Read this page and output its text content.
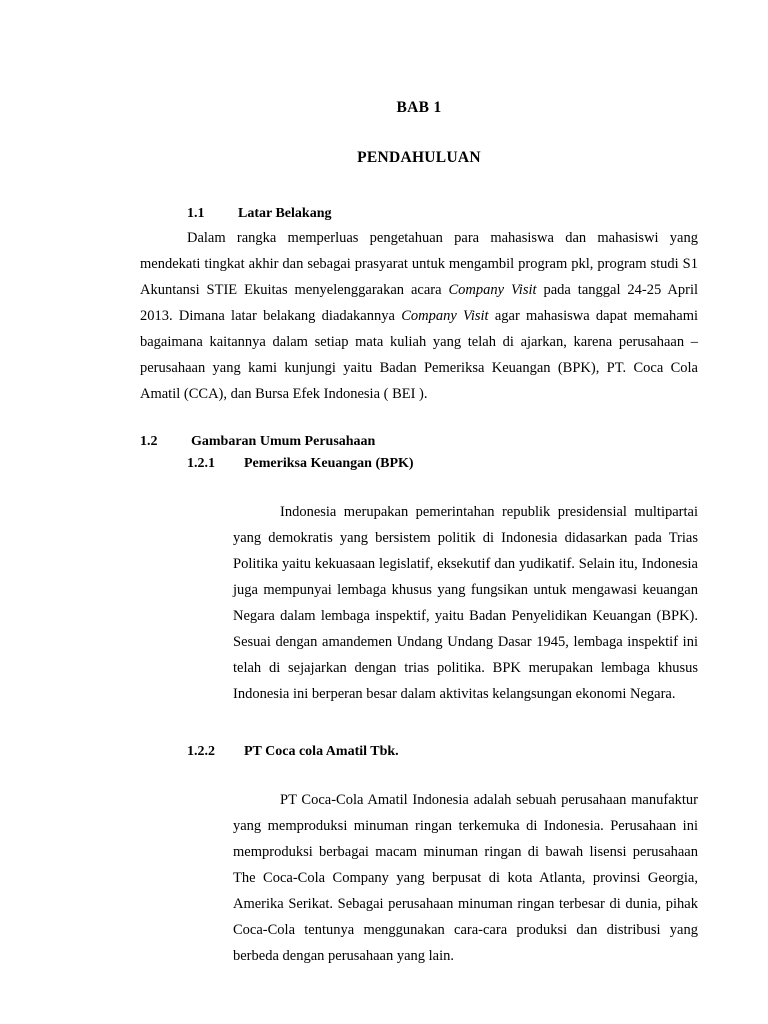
BAB 1
PENDAHULUAN
1.1 Latar Belakang

Dalam rangka memperluas pengetahuan para mahasiswa dan mahasiswi yang mendekati tingkat akhir dan sebagai prasyarat untuk mengambil program pkl, program studi S1 Akuntansi STIE Ekuitas menyelenggarakan acara Company Visit pada tanggal 24-25 April 2013. Dimana latar belakang diadakannya Company Visit agar mahasiswa dapat memahami bagaimana kaitannya dalam setiap mata kuliah yang telah di ajarkan, karena perusahaan – perusahaan yang kami kunjungi yaitu Badan Pemeriksa Keuangan (BPK), PT. Coca Cola Amatil (CCA), dan Bursa Efek Indonesia ( BEI ).

1.2 Gambaran Umum Perusahaan
1.2.1 Pemeriksa Keuangan (BPK)

Indonesia merupakan pemerintahan republik presidensial multipartai yang demokratis yang bersistem politik di Indonesia didasarkan pada Trias Politika yaitu kekuasaan legislatif, eksekutif dan yudikatif. Selain itu, Indonesia juga mempunyai lembaga khusus yang fungsikan untuk mengawasi keuangan Negara dalam lembaga inspektif, yaitu Badan Penyelidikan Keuangan (BPK). Sesuai dengan amandemen Undang Undang Dasar 1945, lembaga inspektif ini telah di sejajarkan dengan trias politika. BPK merupakan lembaga khusus Indonesia ini berperan besar dalam aktivitas kelangsungan ekonomi Negara.

1.2.2 PT Coca cola Amatil Tbk.

PT Coca-Cola Amatil Indonesia adalah sebuah perusahaan manufaktur yang memproduksi minuman ringan terkemuka di Indonesia. Perusahaan ini memproduksi berbagai macam minuman ringan di bawah lisensi perusahaan The Coca-Cola Company yang berpusat di kota Atlanta, provinsi Georgia, Amerika Serikat. Sebagai perusahaan minuman ringan terbesar di dunia, pihak Coca-Cola tentunya menggunakan cara-cara produksi dan distribusi yang berbeda dengan perusahaan yang lain.
